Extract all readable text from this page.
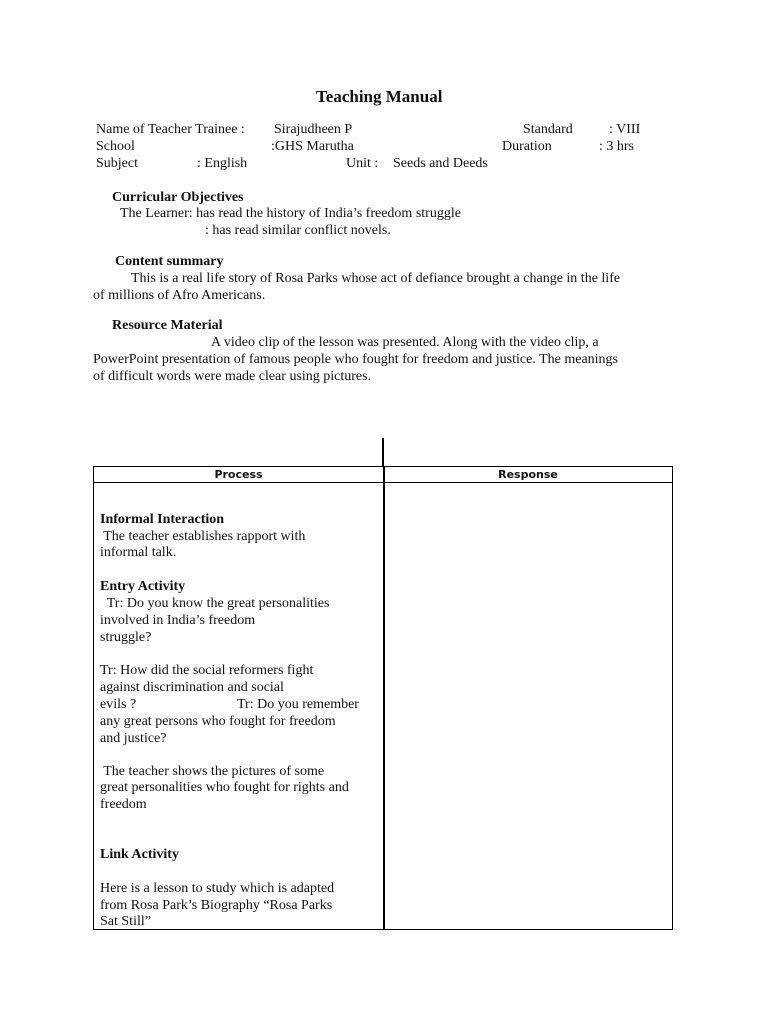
Teaching Manual
Name of Teacher Trainee : Sirajudheen P	Standard	: VIII
School	:GHS Marutha	Duration	: 3 hrs
Subject	: English	Unit : Seeds and Deeds
Curricular Objectives
The Learner: has read the history of India’s freedom struggle
: has read similar conflict novels.
Content summary
This is a real life story of Rosa Parks whose act of defiance brought a change in the life
of millions of Afro Americans.
Resource Material
A video clip of the lesson was presented. Along with the video clip, a
PowerPoint presentation of famous people who fought for freedom and justice. The meanings
of difficult words were made clear using pictures.
Process	Response
Informal Interaction
The teacher establishes rapport with
informal talk.
Entry Activity
Tr: Do you know the great personalities
involved in India’s freedom
struggle?
Tr: How did the social reformers fight
against discrimination and social
evils ?	Tr: Do you remember
any great persons who fought for freedom
and justice?
The teacher shows the pictures of some
great personalities who fought for rights and
freedom
Link Activity
Here is a lesson to study which is adapted
from Rosa Park’s Biography “Rosa Parks
Sat Still”
